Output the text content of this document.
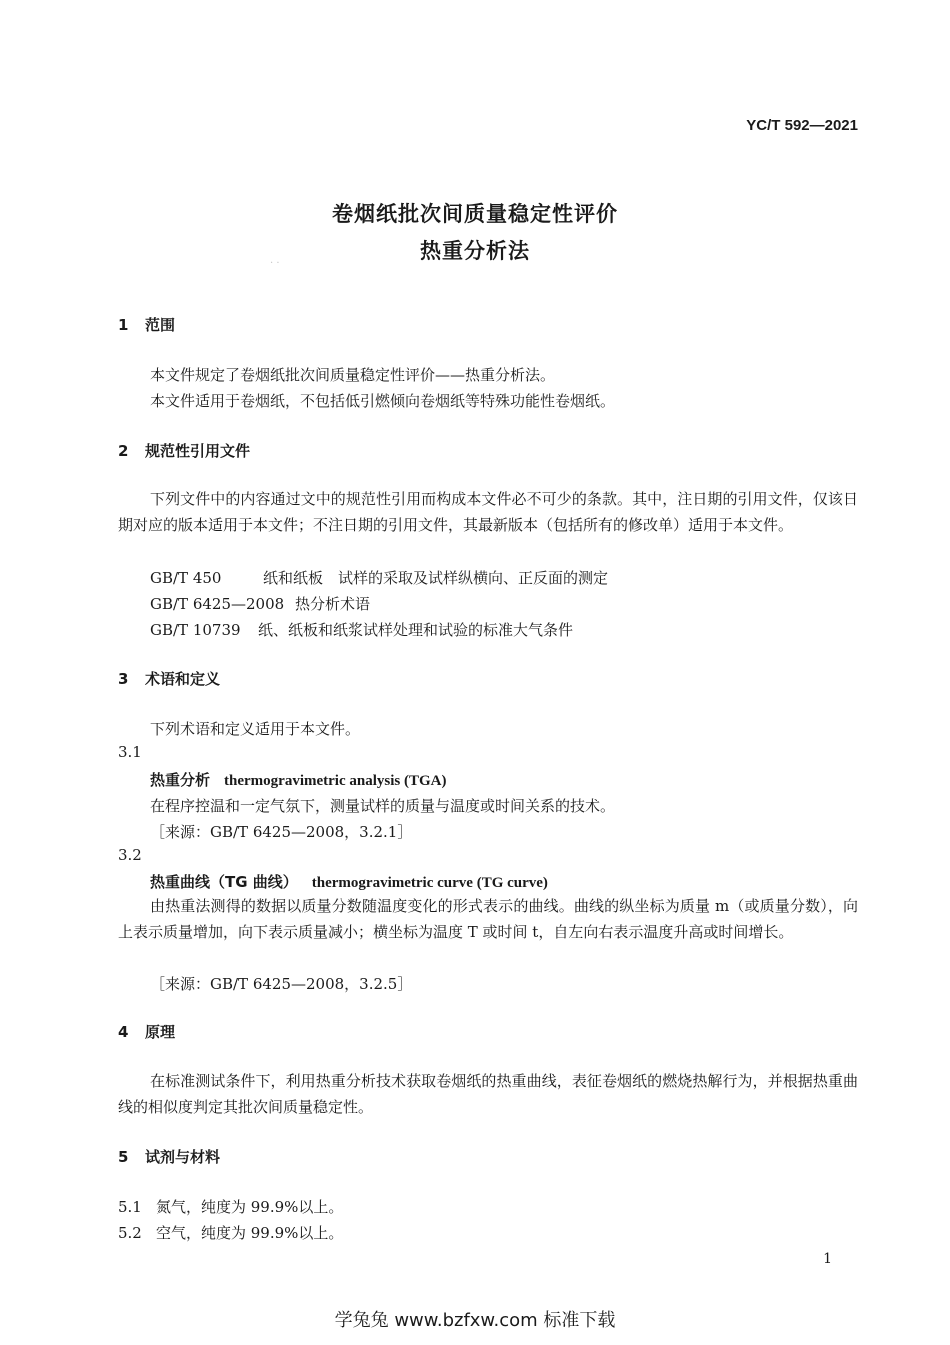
YC/T 592—2021
· ·
卷烟纸批次间质量稳定性评价
热重分析法
1 范围
本文件规定了卷烟纸批次间质量稳定性评价——热重分析法。
本文件适用于卷烟纸，不包括低引燃倾向卷烟纸等特殊功能性卷烟纸。
2 规范性引用文件
下列文件中的内容通过文中的规范性引用而构成本文件必不可少的条款。其中，注日期的引用文件，仅该日期对应的版本适用于本文件；不注日期的引用文件，其最新版本（包括所有的修改单）适用于本文件。
GB/T 450	纸和纸板　试样的采取及试样纵横向、正反面的测定
GB/T 6425—2008 热分析术语
GB/T 10739 纸、纸板和纸浆试样处理和试验的标准大气条件
3 术语和定义
下列术语和定义适用于本文件。
3.1
热重分析 thermogravimetric analysis (TGA)
在程序控温和一定气氛下，测量试样的质量与温度或时间关系的技术。
［来源：GB/T 6425—2008，3.2.1］
3.2
热重曲线（TG 曲线） thermogravimetric curve (TG curve)
由热重法测得的数据以质量分数随温度变化的形式表示的曲线。曲线的纵坐标为质量 m（或质量分数），向上表示质量增加，向下表示质量减小；横坐标为温度 T 或时间 t，自左向右表示温度升高或时间增长。
［来源：GB/T 6425—2008，3.2.5］
4 原理
在标准测试条件下，利用热重分析技术获取卷烟纸的热重曲线，表征卷烟纸的燃烧热解行为，并根据热重曲线的相似度判定其批次间质量稳定性。
5 试剂与材料
5.1 氮气，纯度为 99.9%以上。
5.2 空气，纯度为 99.9%以上。
1
学兔兔 www.bzfxw.com 标准下载
